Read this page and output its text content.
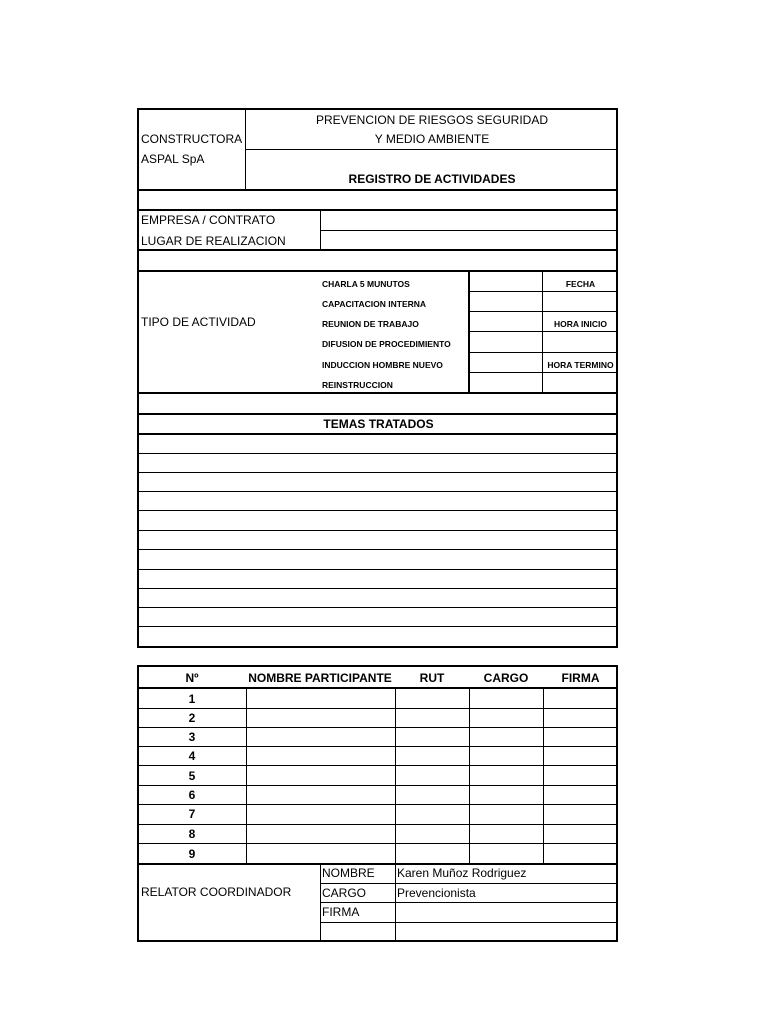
CONSTRUCTORA
ASPAL SpA
PREVENCION DE RIESGOS SEGURIDAD
Y MEDIO AMBIENTE
REGISTRO DE ACTIVIDADES
EMPRESA / CONTRATO
LUGAR DE REALIZACION
TIPO DE ACTIVIDAD
CHARLA 5 MUNUTOS
CAPACITACION INTERNA
REUNION DE TRABAJO
DIFUSION DE PROCEDIMIENTO
INDUCCION HOMBRE NUEVO
REINSTRUCCION
FECHA
HORA INICIO
HORA TERMINO
TEMAS TRATADOS
Nº	NOMBRE PARTICIPANTE	RUT	CARGO	FIRMA
1
2
3
4
5
6
7
8
9
RELATOR COORDINADOR
NOMBRE Karen Muñoz Rodriguez
CARGO	Prevencionista
FIRMA
